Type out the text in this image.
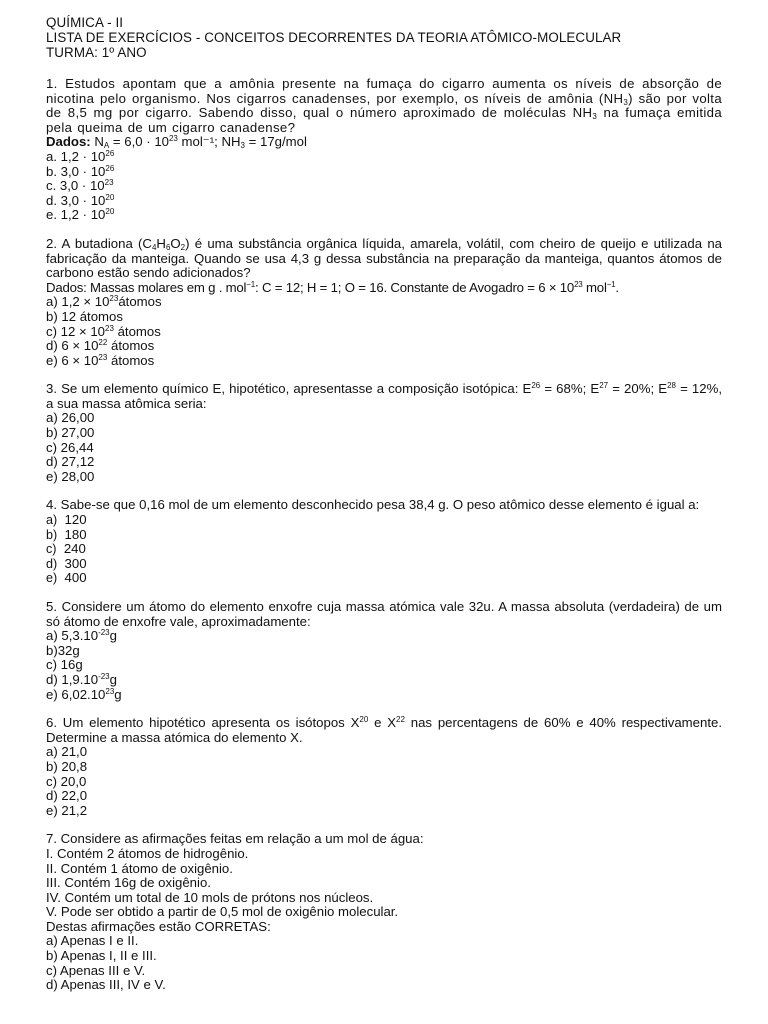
QUÍMICA - II
LISTA DE EXERCÍCIOS - CONCEITOS DECORRENTES DA TEORIA ATÔMICO-MOLECULAR
TURMA: 1º ANO
1. Estudos apontam que a amônia presente na fumaça do cigarro aumenta os níveis de absorção de nicotina pelo organismo. Nos cigarros canadenses, por exemplo, os níveis de amônia $(NH_3)$ são por volta de 8,5 mg por cigarro. Sabendo disso, qual o número aproximado de moléculas $NH_3$ na fumaça emitida pela queima de um cigarro canadense?
Dados: $N_A = 6,0 \cdot 10^{23}$ mol⁻¹; $NH_3 = 17g/mol$
a. $1,2 \cdot 10^{26}$
b. $3,0 \cdot 10^{26}$
c. $3,0 \cdot 10^{23}$
d. $3,0 \cdot 10^{20}$
e. $1,2 \cdot 10^{20}$
2. A butadiona $(C_4H_6O_2)$ é uma substância orgânica líquida, amarela, volátil, com cheiro de queijo e utilizada na fabricação da manteiga. Quando se usa 4,3 g dessa substância na preparação da manteiga, quantos átomos de carbono estão sendo adicionados?
Dados: Massas molares em g . mol$^{-1}$: C = 12; H = 1; O = 16. Constante de Avogadro = $6 \times 10^{23}$ mol$^{-1}$.
a) $1,2 \times 10^{23}átomos$
b) 12 átomos
c) $12 \times 10^{23}$ átomos
d) $6 \times 10^{22}$ átomos
e) $6 \times 10^{23}$ átomos
3. Se um elemento químico E, hipotético, apresentasse a composição isotópica: $E^{26} = 68\%$; $E^{27} = 20\%$; $E^{28} = 12\%$, a sua massa atômica seria:
a) 26,00
b) 27,00
c) 26,44
d) 27,12
e) 28,00
4. Sabe-se que 0,16 mol de um elemento desconhecido pesa 38,4 g. O peso atômico desse elemento é igual a:
a) 120
b) 180
c) 240
d) 300
e) 400
5. Considere um átomo do elemento enxofre cuja massa atómica vale 32u. A massa absoluta (verdadeira) de um só átomo de enxofre vale, aproximadamente:
a) $5,3.10^{-23}g$
b)32g
c) 16g
d) $1,9.10^{-23}g$
e) 6,02.10$^{23}$g
6. Um elemento hipotético apresenta os isótopos $X^{20}$ e $X^{22}$ nas percentagens de 60% e 40% respectivamente. Determine a massa atómica do elemento X.
a) 21,0
b) 20,8
c) 20,0
d) 22,0
e) 21,2
7. Considere as afirmações feitas em relação a um mol de água:
I. Contém 2 átomos de hidrogênio.
II. Contém 1 átomo de oxigênio.
III. Contém 16g de oxigênio.
IV. Contém um total de 10 mols de prótons nos núcleos.
V. Pode ser obtido a partir de 0,5 mol de oxigênio molecular.
Destas afirmações estão CORRETAS:
a) Apenas I e II.
b) Apenas I, II e III.
c) Apenas III e V.
d) Apenas III, IV e V.
